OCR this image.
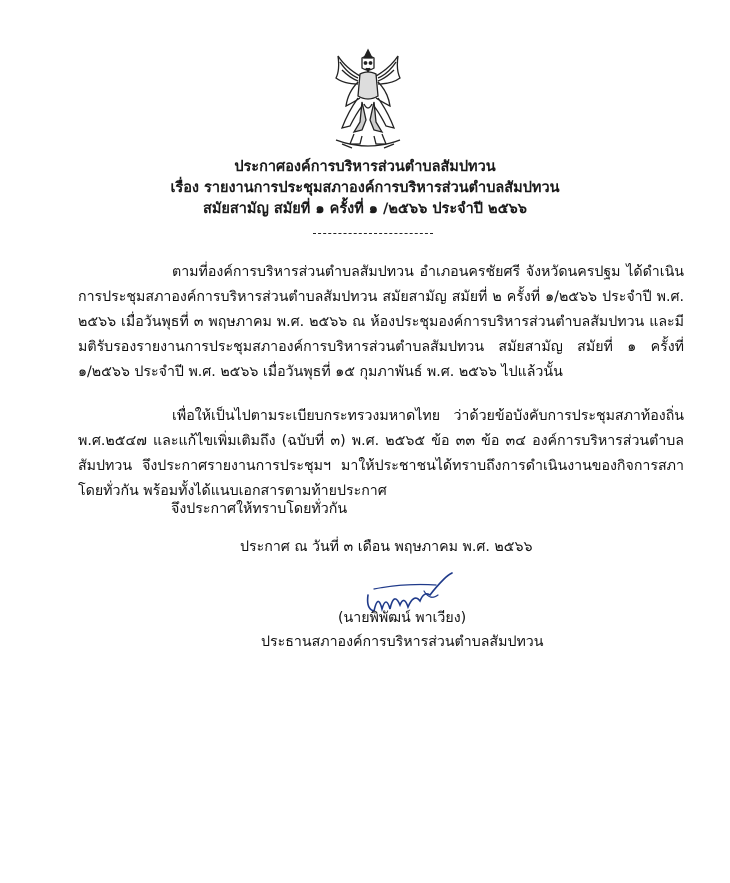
ประกาศองค์การบริหารส่วนตำบลสัมปทวน
เรื่อง รายงานการประชุมสภาองค์การบริหารส่วนตำบลสัมปทวน
สมัยสามัญ สมัยที่ ๑ ครั้งที่ ๑ /๒๕๖๖ ประจำปี ๒๕๖๖
ตามที่องค์การบริหารส่วนตำบลสัมปทวน อำเภอนครชัยศรี จังหวัดนครปฐม ได้ดำเนินการประชุมสภาองค์การบริหารส่วนตำบลสัมปทวน สมัยสามัญ สมัยที่ ๒ ครั้งที่ ๑/๒๕๖๖ ประจำปี พ.ศ. ๒๕๖๖ เมื่อวันพุธที่ ๓ พฤษภาคม พ.ศ. ๒๕๖๖ ณ ห้องประชุมองค์การบริหารส่วนตำบลสัมปทวน และมีมติรับรองรายงานการประชุมสภาองค์การบริหารส่วนตำบลสัมปทวน สมัยสามัญ สมัยที่ ๑ ครั้งที่ ๑/๒๕๖๖ ประจำปี พ.ศ. ๒๕๖๖ เมื่อวันพุธที่ ๑๕ กุมภาพันธ์ พ.ศ. ๒๕๖๖ ไปแล้วนั้น
เพื่อให้เป็นไปตามระเบียบกระทรวงมหาดไทย ว่าด้วยข้อบังคับการประชุมสภาท้องถิ่น พ.ศ.๒๕๔๗ และแก้ไขเพิ่มเติมถึง (ฉบับที่ ๓) พ.ศ. ๒๕๖๕ ข้อ ๓๓ ข้อ ๓๔ องค์การบริหารส่วนตำบลสัมปทวน จึงประกาศรายงานการประชุมฯ มาให้ประชาชนได้ทราบถึงการดำเนินงานของกิจการสภาโดยทั่วกัน พร้อมทั้งได้แนบเอกสารตามท้ายประกาศ
จึงประกาศให้ทราบโดยทั่วกัน
ประกาศ ณ วันที่ ๓ เดือน พฤษภาคม พ.ศ. ๒๕๖๖
(นายพิพัฒน์ พาเวียง)
ประธานสภาองค์การบริหารส่วนตำบลสัมปทวน
